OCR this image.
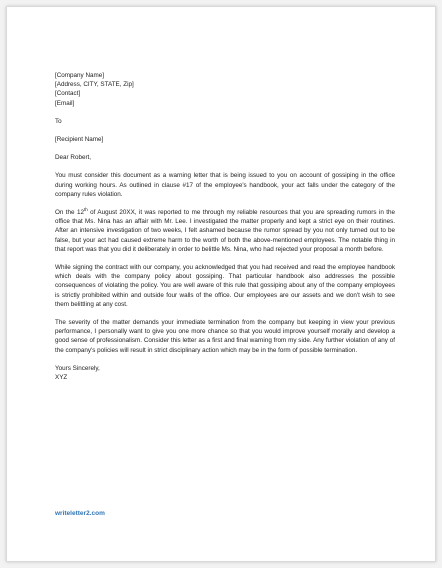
[Company Name]
[Address, CITY, STATE, Zip]
[Contact]
[Email]
To
[Recipient Name]
Dear Robert,

You must consider this document as a warning letter that is being issued to you on account of gossiping in the office during working hours. As outlined in clause #17 of the employee's handbook, your act falls under the category of the company rules violation.

On the 12th of August 20XX, it was reported to me through my reliable resources that you are spreading rumors in the office that Ms. Nina has an affair with Mr. Lee. I investigated the matter properly and kept a strict eye on their routines. After an intensive investigation of two weeks, I felt ashamed because the rumor spread by you not only turned out to be false, but your act had caused extreme harm to the worth of both the above-mentioned employees. The notable thing in that report was that you did it deliberately in order to belittle Ms. Nina, who had rejected your proposal a month before.

While signing the contract with our company, you acknowledged that you had received and read the employee handbook which deals with the company policy about gossiping. That particular handbook also addresses the possible consequences of violating the policy. You are well aware of this rule that gossiping about any of the company employees is strictly prohibited within and outside four walls of the office. Our employees are our assets and we don't wish to see them belittling at any cost.

The severity of the matter demands your immediate termination from the company but keeping in view your previous performance, I personally want to give you one more chance so that you would improve yourself morally and develop a good sense of professionalism. Consider this letter as a first and final warning from my side. Any further violation of any of the company's policies will result in strict disciplinary action which may be in the form of possible termination.

Yours Sincerely,
XYZ
writeletter2.com
